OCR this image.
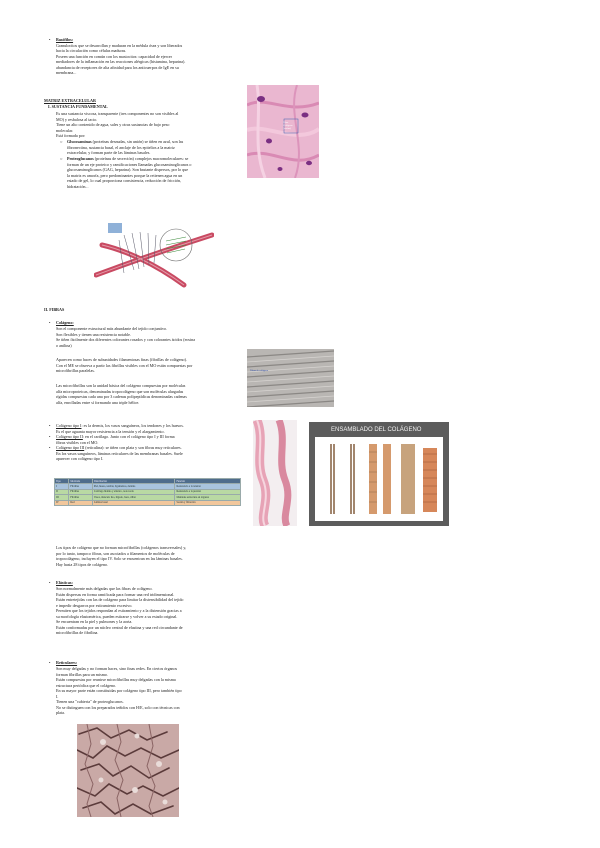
• Basófilos:
Granulocitos que se desarrollan y maduran en la médula ósea y son liberados
hacia la circulación como células maduras.
Poseen una función en común con los mastocitos: capacidad de ejercer
mediadores de la inflamación en las reacciones alérgicas (histamina, heparina).
abundancia de receptores de alta afinidad para los anticuerpos de IgE en su
membrana...
MATRIZ EXTRACELULAR
I. SUSTANCIA FUNDAMENTAL
Es una sustancia viscosa, transparente (tres componentes no son visibles al
MO) y resbalosa al tacto.
Tiene un alto contenido de agua, sales y otras sustancias de bajo peso
molecular.
Está formada por:
○ Glucosaminas (proteínas desnudas, sin unión) se tiñen en azul, son las
fibronectina, sustancia basal, el anclaje de los epitelios a la matriz
extracelular, y forman parte de las láminas basales.
○ Proteoglucanos (proteínas de secreción) complejos macromoleculares: se
forman de un eje proteico y ramificaciones llamadas glucosaminoglicanos o
glucosaminoglicanos (GAG, heparina). Son bastante dispersos, por lo que
la matriz es amorfa, pero predominantes porque la retienen agua en un
estado de gel, lo cual proporciona consistencia, reducción de fricción,
hidratación...
Fibra
Colágeno
(eosina)
II. FIBRAS
• Colágeno:
Son el componente estructural más abundante del tejido conjuntivo.
Son flexibles y tienen una resistencia notable.
Se tiñen fácilmente dos diferentes colorantes rosados y con colorantes ácidos (eosina
o anilina)
Aparecen como haces de subunidades filamentosas finas (fibrillas de colágeno).
Con el ME se observa a partir las fibrillas visibles con el MO están compuestas por
microfibrillas paralelas.
Las microfibrillas son la unidad básica del colágeno compuestas por moléculas
alfa microproteicas, denominadas tropocolágeno que son moléculas alargadas
rígidas compuestas cada una por 3 cadenas polipeptídicas denominadas cadenas
alfa, enrolladas entre sí formando una triple hélice.
Fibras de colágeno
• Colágeno tipo I: es la dermis, los vasos sanguíneos, los tendones y los huesos.
Es el que aguanta mayor resistencia a la tensión y el alargamiento.
• Colágeno tipo II: en el cartílago. Junto con el colágeno tipo I y III forma
fibras visibles con el MO.
• Colágeno tipo III (reticulina): se tiñen con plata y son fibras muy reticulares.
En los vasos sanguíneos, láminas reticulares de las membranas basales. Suele
aparecer con colágeno tipo I.
ENSAMBLADO DEL COLÁGENO
Tipo	Molécula	Distribución	Función
I	Fibrillas	Piel, hueso, tendón, ligamentos, dentina	Resistencia a la tensión
II	Fibrillas	Cartílago hialino y elástico, notocorda	Resistencia a la presión
III	Fibrillas	Vasos, músculo liso, hígado, bazo, riñón	Mantiene estructura en órganos
IV	Red	Lámina basal	Sostén y filtración
Los tipos de colágeno que no forman microfibrillas (colágenos transversales) y,
por lo tanto, tampoco fibras, son asociados a filamentos de moléculas de
tropocolágeno, incluyen el tipo IV. Solo se encuentran en las láminas basales.
Hay hasta 28 tipos de colágeno.
• Elásticas:
Son normalmente más delgadas que las fibras de colágeno.
Están dispersas en forma ramificada para formar una red tridimensional.
Están entretejidas con las de colágeno para limitar la distensibilidad del tejido
e impedir desgarros por estiramiento excesivo.
Permiten que los tejidos respondan al estiramiento y a la distensión gracias a
su morfología elastomérica, pueden estirarse y volver a su estado original.
Se encuentran en la piel y pulmones y la aorta.
Están conformadas por un núcleo central de elastina y una red circundante de
microfibrillas de fibrilina.
• Reticulares:
Son muy delgadas y no forman haces, sino finas redes. En ciertos órganos
forman fibrillas para un mismo.
Están compuestas por reunirse microfibrillas muy delgadas con la misma
estructura periódica que el colágeno.
En su mayor parte están constituidas por colágeno tipo III, pero también tipo
I.
Tienen una "cubierta" de proteoglucanos.
No se distinguen con los preparados teñidos con H/E, solo con técnicas con
plata.
